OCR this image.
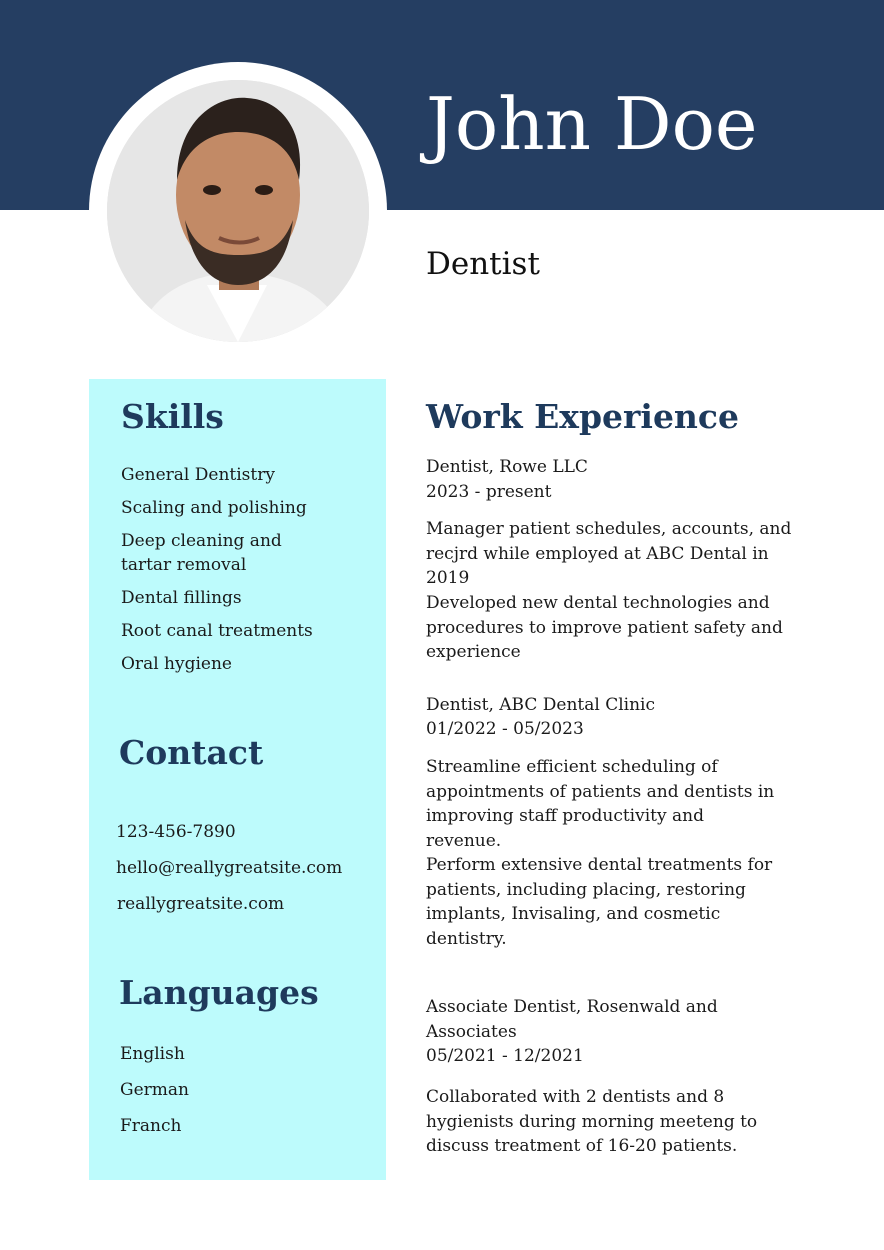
John Doe
Dentist
Skills
General Dentistry
Scaling and polishing
Deep cleaning and tartar removal
Dental fillings
Root canal treatments
Oral hygiene
Contact
123-456-7890
hello@reallygreatsite.com
reallygreatsite.com
Languages
English
German
Franch
Work Experience
Dentist, Rowe LLC
2023 - present
Manager patient schedules, accounts, and recjrd while employed at ABC Dental in 2019
Developed new dental technologies and procedures to improve patient safety and experience
Dentist, ABC Dental Clinic
01/2022 - 05/2023
Streamline efficient scheduling of appointments of patients and dentists in improving staff productivity and revenue.
Perform extensive dental treatments for patients, including placing, restoring implants, Invisaling, and cosmetic dentistry.
Associate Dentist, Rosenwald and Associates
05/2021 - 12/2021
Collaborated with 2 dentists and 8 hygienists during morning meeteng to discuss treatment of 16-20 patients.
